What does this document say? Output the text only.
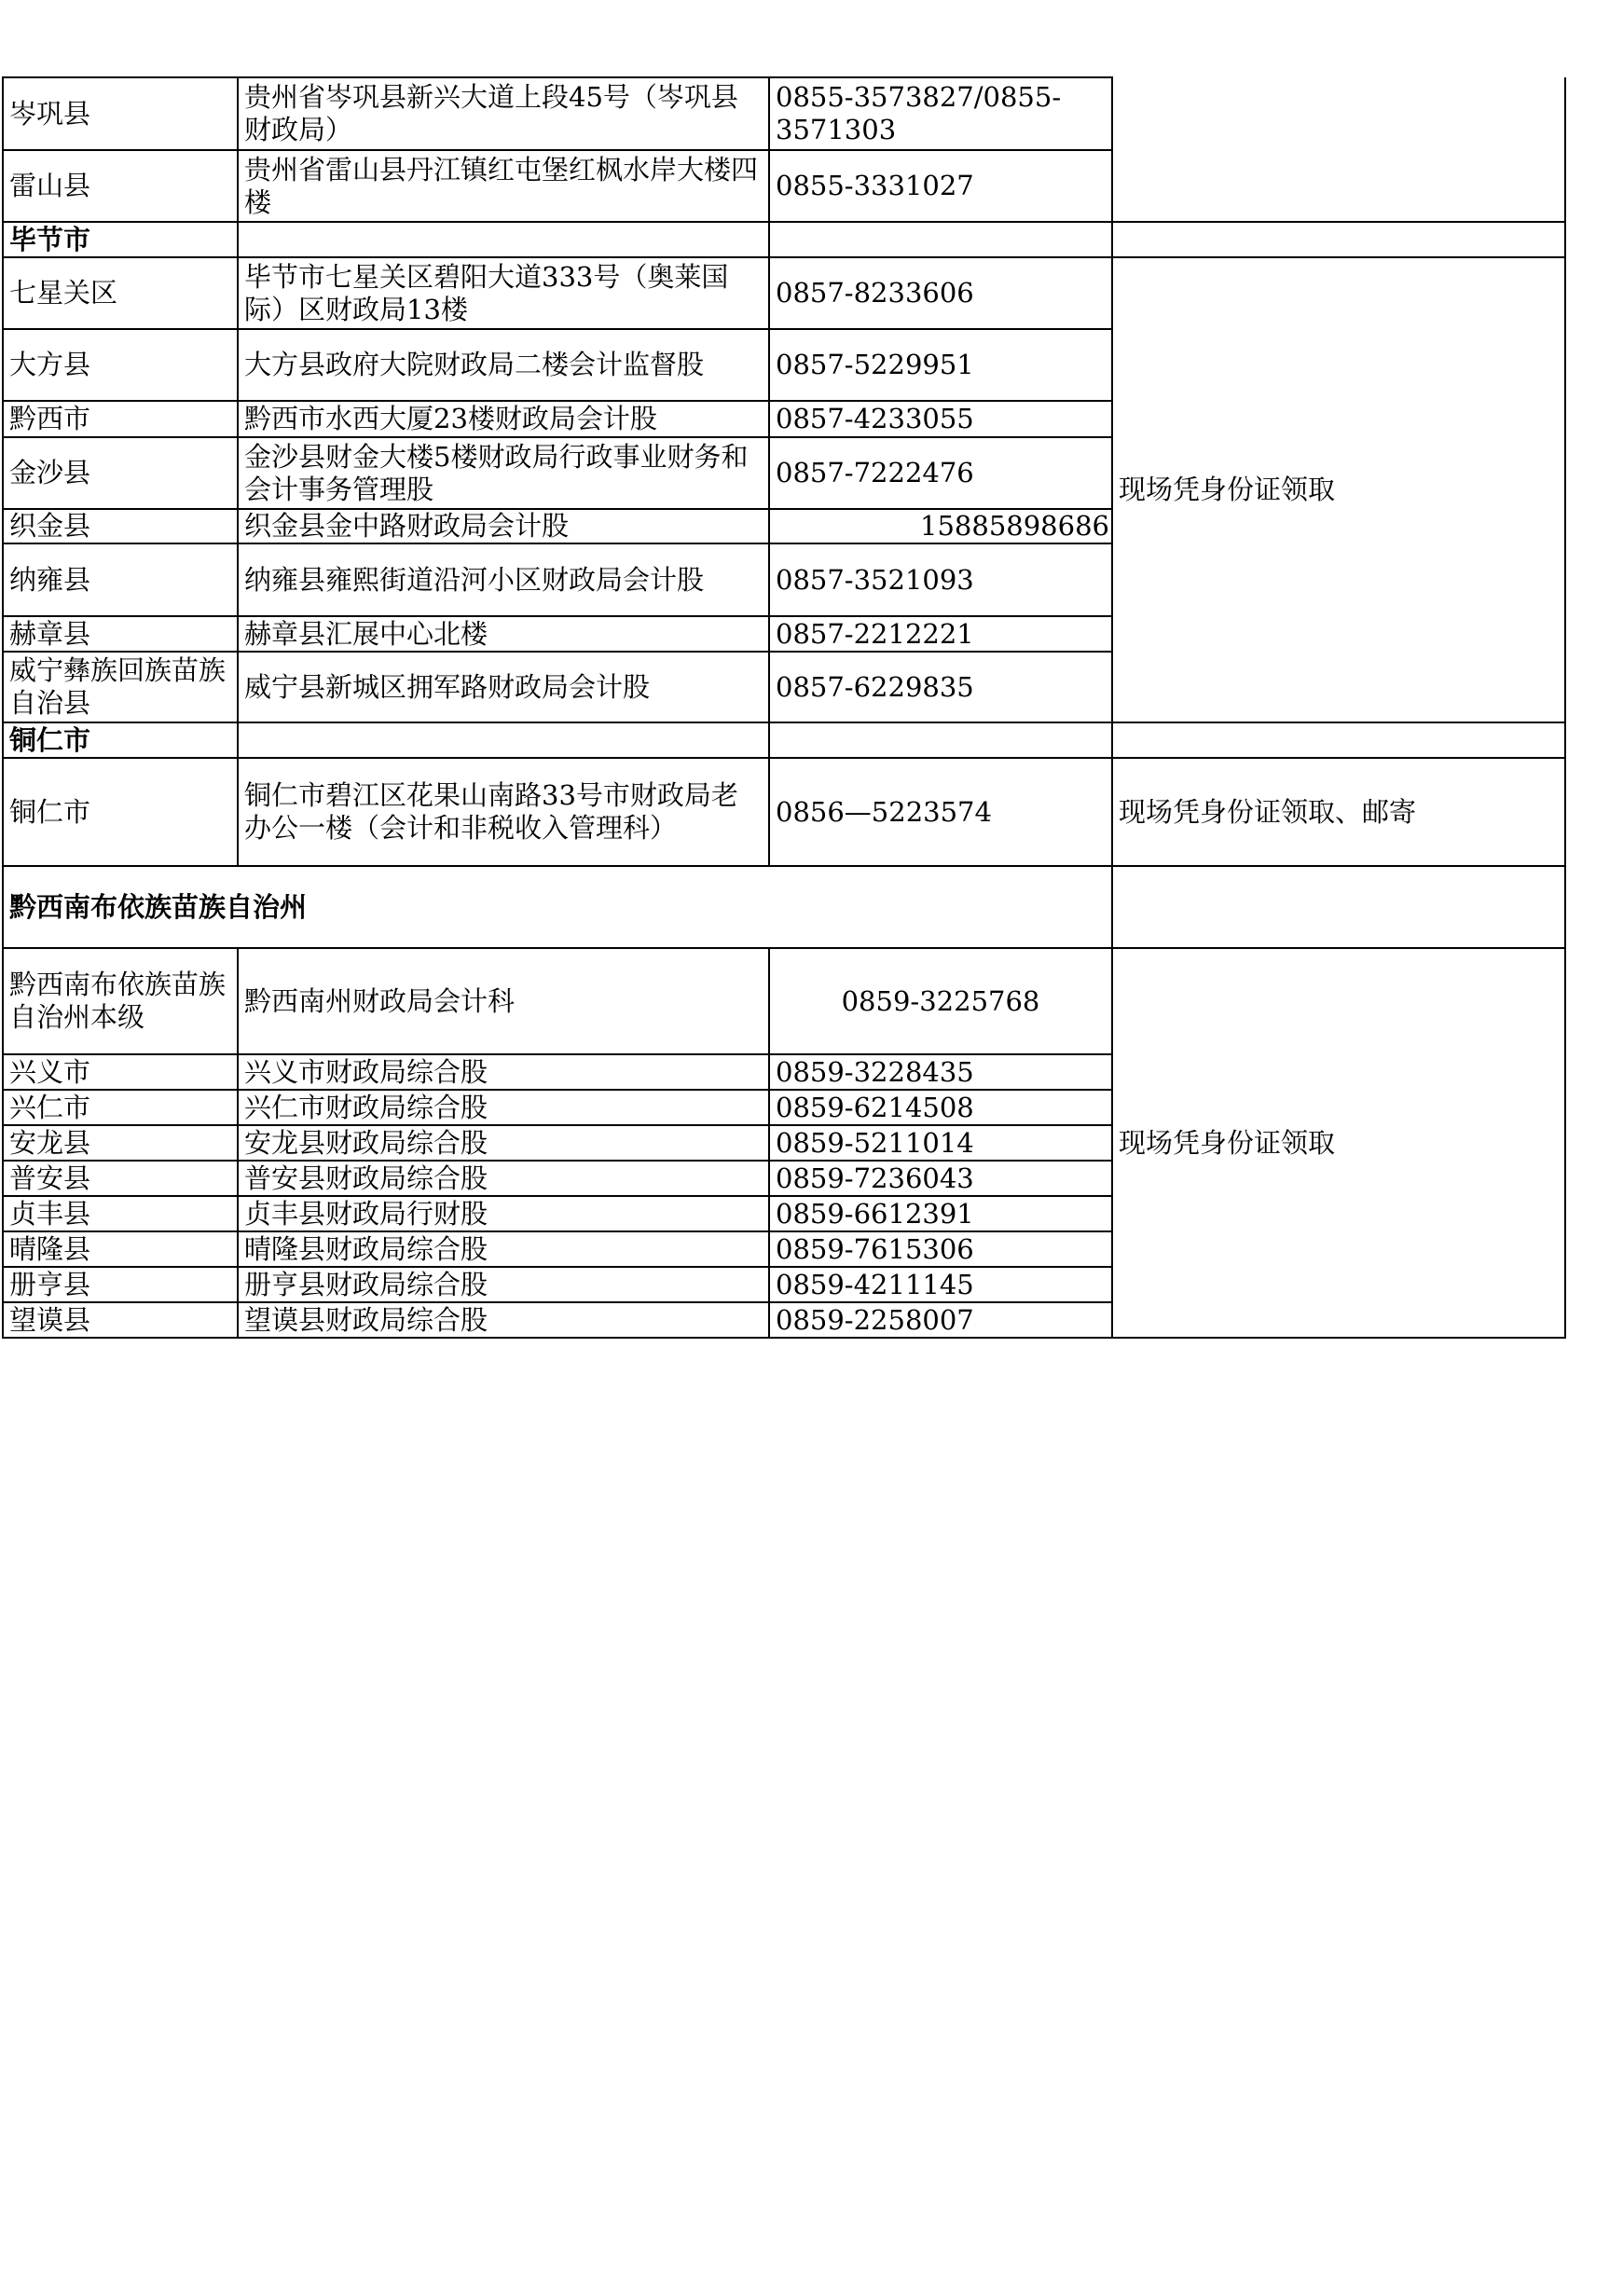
岑巩县	贵州省岑巩县新兴大道上段45号（岑巩县财政局）	0855-3573827/0855-3571303	
雷山县	贵州省雷山县丹江镇红屯堡红枫水岸大楼四楼	0855-3331027	
毕节市			
七星关区	毕节市七星关区碧阳大道333号（奥莱国际）区财政局13楼	0857-8233606	现场凭身份证领取
大方县	大方县政府大院财政局二楼会计监督股	0857-5229951	
黔西市	黔西市水西大厦23楼财政局会计股	0857-4233055	
金沙县	金沙县财金大楼5楼财政局行政事业财务和会计事务管理股	0857-7222476	
织金县	织金县金中路财政局会计股	15885898686	
纳雍县	纳雍县雍熙街道沿河小区财政局会计股	0857-3521093	
赫章县	赫章县汇展中心北楼	0857-2212221	
威宁彝族回族苗族自治县	威宁县新城区拥军路财政局会计股	0857-6229835	
铜仁市			
铜仁市	铜仁市碧江区花果山南路33号市财政局老办公一楼（会计和非税收入管理科）	0856—5223574	现场凭身份证领取、邮寄
黔西南布依族苗族自治州			
黔西南布依族苗族自治州本级	黔西南州财政局会计科	0859-3225768	现场凭身份证领取
兴义市	兴义市财政局综合股	0859-3228435	
兴仁市	兴仁市财政局综合股	0859-6214508	
安龙县	安龙县财政局综合股	0859-5211014	
普安县	普安县财政局综合股	0859-7236043	
贞丰县	贞丰县财政局行财股	0859-6612391	
晴隆县	晴隆县财政局综合股	0859-7615306	
册亨县	册亨县财政局综合股	0859-4211145	
望谟县	望谟县财政局综合股	0859-2258007	
